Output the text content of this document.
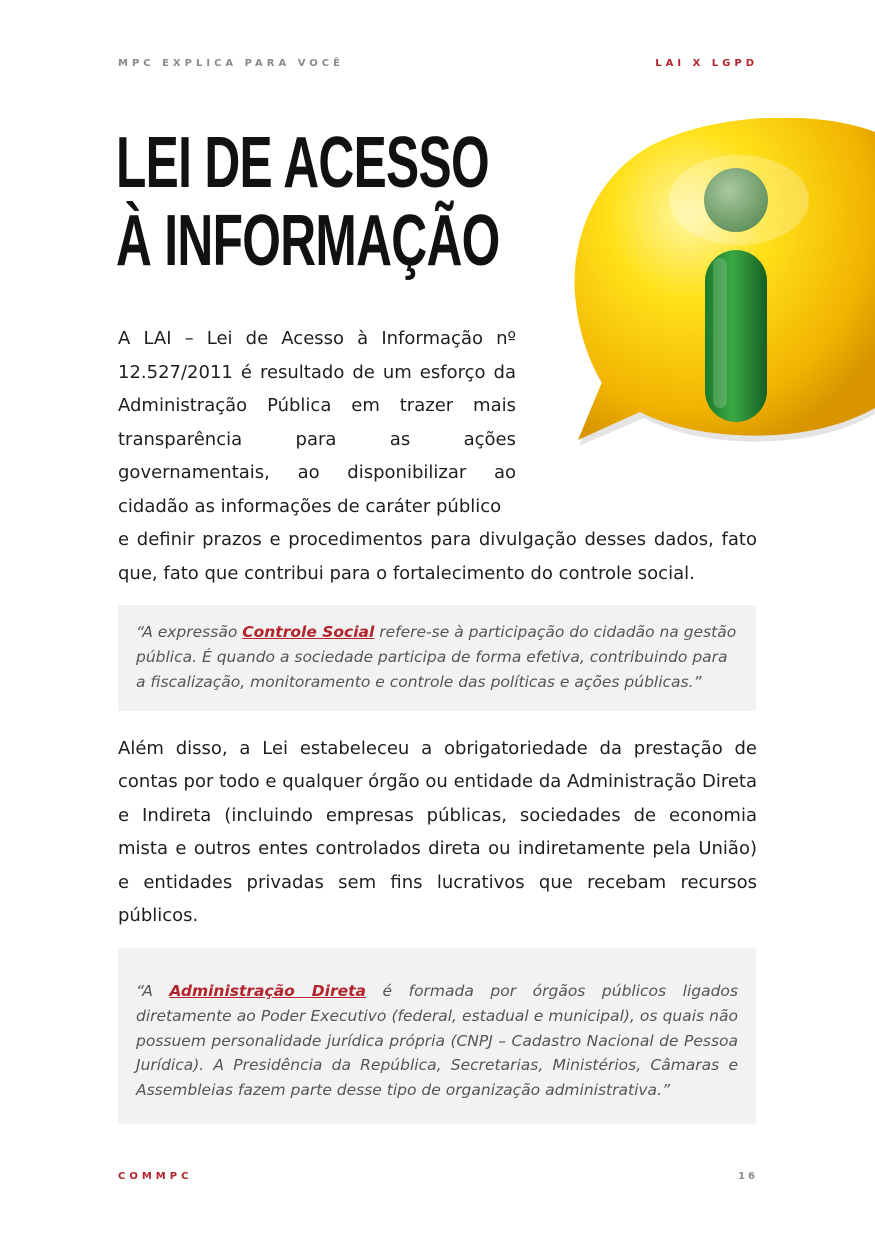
MPC EXPLICA PARA VOCÊ	LAI X LGPD
LEI DE ACESSO
À INFORMAÇÃO
A LAI – Lei de Acesso à Informação nº 12.527/2011 é resultado de um esforço da Administração Pública em trazer mais transparência para as ações governamentais, ao disponibilizar ao cidadão as informações de caráter público
e definir prazos e procedimentos para divulgação desses dados, fato que, fato que contribui para o fortalecimento do controle social.
“A expressão Controle Social refere-se à participação do cidadão na gestão pública. É quando a sociedade participa de forma efetiva, contribuindo para a fiscalização, monitoramento e controle das políticas e ações públicas.”
Além disso, a Lei estabeleceu a obrigatoriedade da prestação de contas por todo e qualquer órgão ou entidade da Administração Direta e Indireta (incluindo empresas públicas, sociedades de economia mista e outros entes controlados direta ou indiretamente pela União) e entidades privadas sem fins lucrativos que recebam recursos públicos.
“A Administração Direta é formada por órgãos públicos ligados diretamente ao Poder Executivo (federal, estadual e municipal), os quais não possuem personalidade jurídica própria (CNPJ – Cadastro Nacional de Pessoa Jurídica). A Presidência da República, Secretarias, Ministérios, Câmaras e Assembleias fazem parte desse tipo de organização administrativa.”
COMMPC	16
